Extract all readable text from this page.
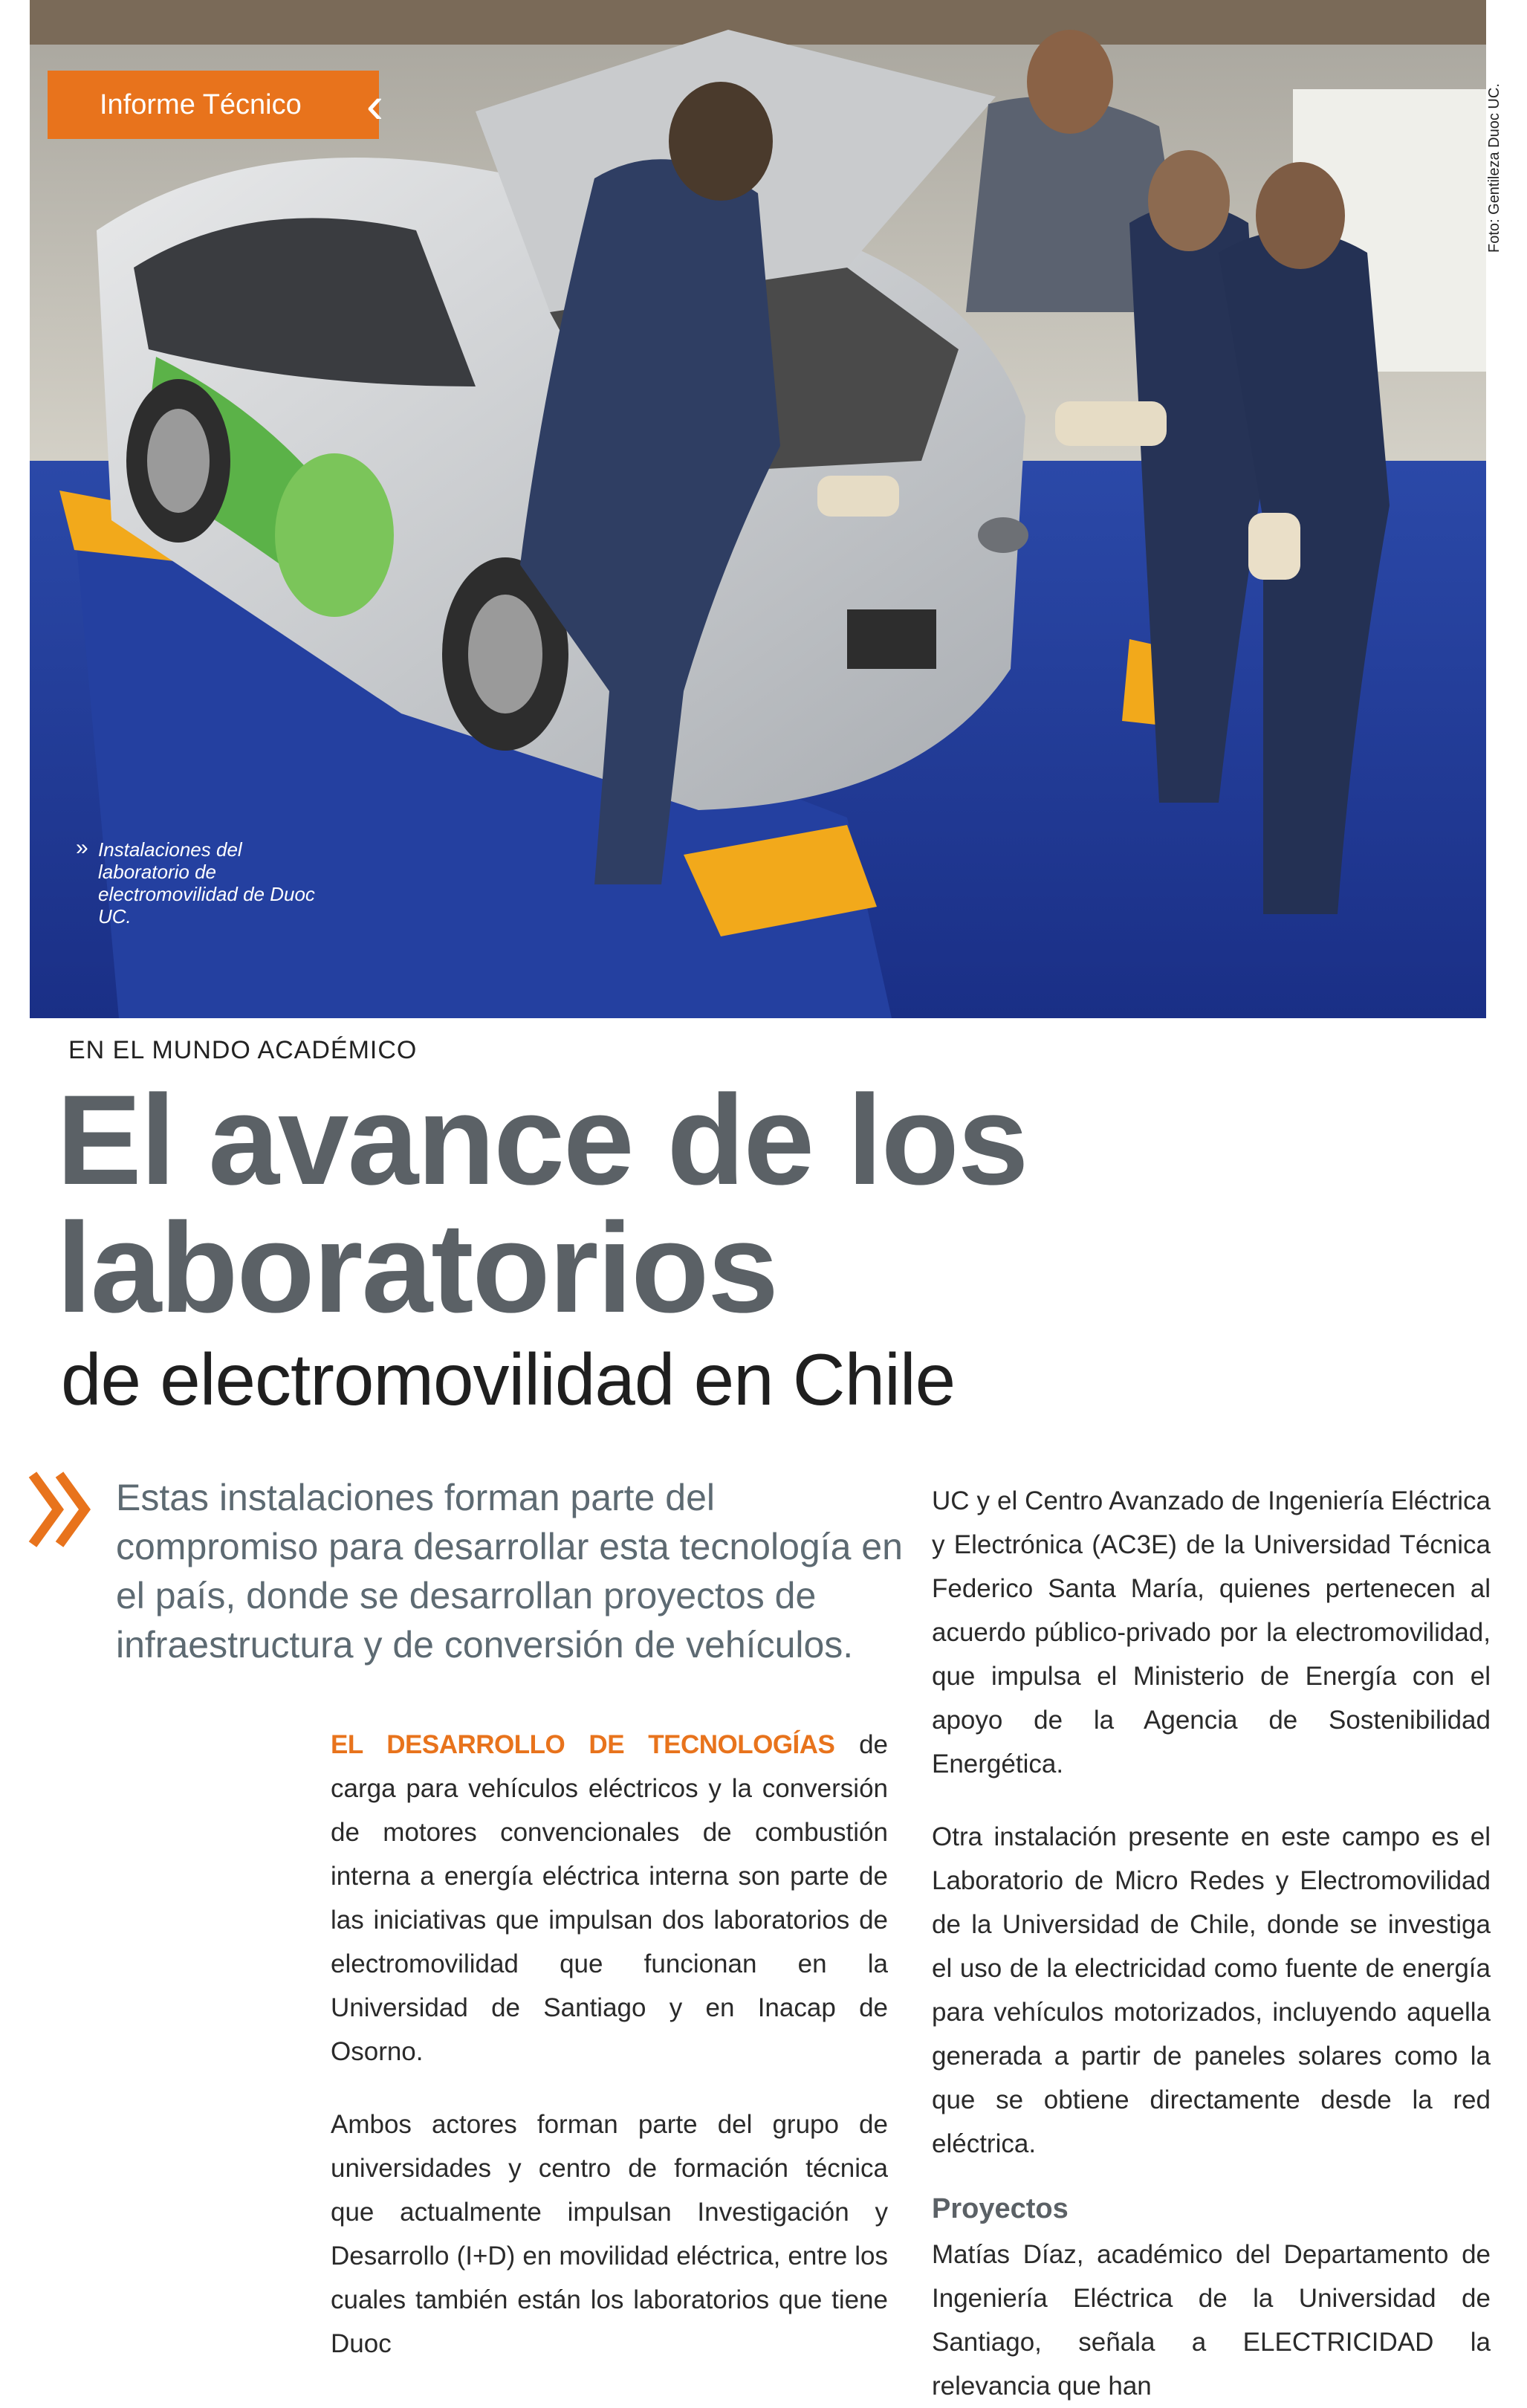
Informe Técnico ‹	Foto: Gentileza Duoc UC.
» Instalaciones del laboratorio de electromovilidad de Duoc UC.
EN EL MUNDO ACADÉMICO
El avance de los laboratorios
de electromovilidad en Chile

Estas instalaciones forman parte del compromiso para desarrollar esta tecnología en el país, donde se desarrollan proyectos de infraestructura y de conversión de vehículos.

EL DESARROLLO DE TECNOLOGÍAS de carga para vehículos eléctricos y la conversión de motores convencionales de combustión interna a energía eléctrica interna son parte de las iniciativas que impulsan dos laboratorios de electromovilidad que funcionan en la Universidad de Santiago y en Inacap de Osorno.

Ambos actores forman parte del grupo de universidades y centro de formación técnica que actualmente impulsan Investigación y Desarrollo (I+D) en movilidad eléctrica, entre los cuales también están los laboratorios que tiene Duoc

UC y el Centro Avanzado de Ingeniería Eléctrica y Electrónica (AC3E) de la Universidad Técnica Federico Santa María, quienes pertenecen al acuerdo público-privado por la electromovilidad, que impulsa el Ministerio de Energía con el apoyo de la Agencia de Sostenibilidad Energética.

Otra instalación presente en este campo es el Laboratorio de Micro Redes y Electromovilidad de la Universidad de Chile, donde se investiga el uso de la electricidad como fuente de energía para vehículos motorizados, incluyendo aquella generada a partir de paneles solares como la que se obtiene directamente desde la red eléctrica.

Proyectos

Matías Díaz, académico del Departamento de Ingeniería Eléctrica de la Universidad de Santiago, señala a ELECTRICIDAD la relevancia que han
